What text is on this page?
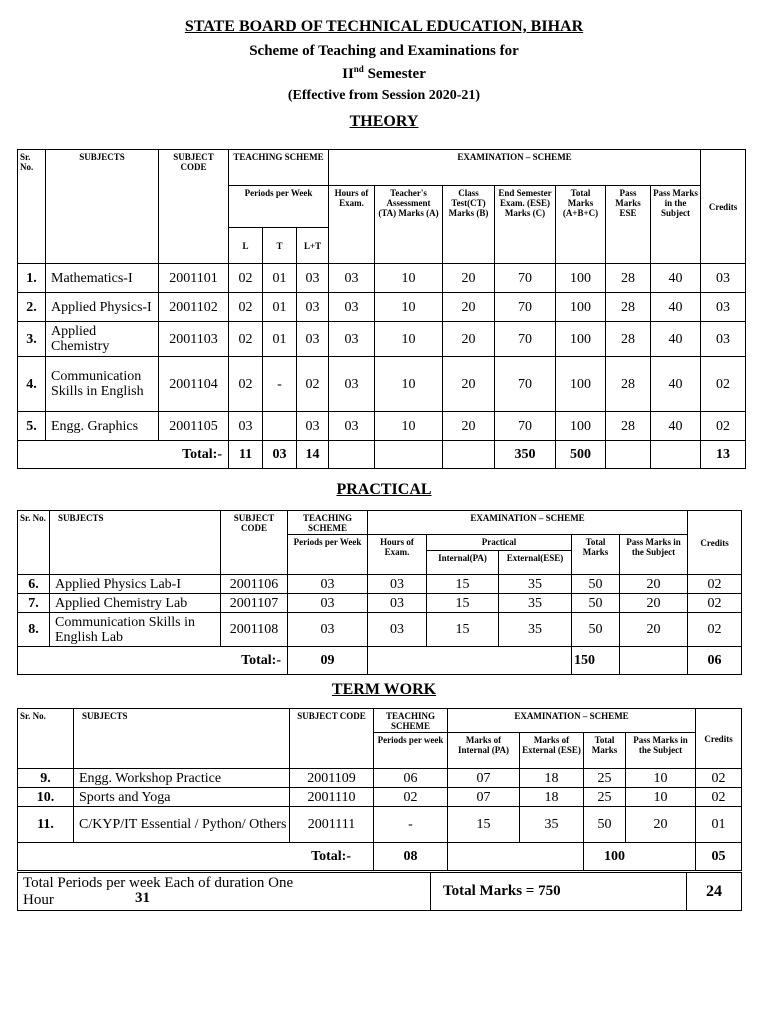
STATE BOARD OF TECHNICAL EDUCATION, BIHAR
Scheme of Teaching and Examinations for
IInd Semester
(Effective from Session 2020-21)
THEORY
Sr. No.	SUBJECTS	SUBJECT CODE	TEACHING SCHEME			EXAMINATION – SCHEME							Credits
			Periods per Week			Hours of Exam.	Teacher's Assessment (TA) Marks (A)	Class Test(CT) Marks (B)	End Semester Exam. (ESE) Marks (C)	Total Marks (A+B+C)	Pass Marks ESE	Pass Marks in the Subject	
			L	T	L+T								
1.	Mathematics-I	2001101	02	01	03	03	10	20	70	100	28	40	03
2.	Applied Physics-I	2001102	02	01	03	03	10	20	70	100	28	40	03
3.	Applied Chemistry	2001103	02	01	03	03	10	20	70	100	28	40	03
4.	Communication Skills in English	2001104	02	-	02	03	10	20	70	100	28	40	02
5.	Engg. Graphics	2001105	03		03	03	10	20	70	100	28	40	02
Total:-			11	03	14				350	500			13
PRACTICAL
Sr. No.	SUBJECTS	SUBJECT CODE	TEACHING SCHEME	EXAMINATION – SCHEME					Credits
			Periods per Week	Hours of Exam.	Practical		Total Marks	Pass Marks in the Subject	
					Internal(PA)	External(ESE)			
6.	Applied Physics Lab-I	2001106	03	03	15	35	50	20	02
7.	Applied Chemistry Lab	2001107	03	03	15	35	50	20	02
8.	Communication Skills in English Lab	2001108	03	03	15	35	50	20	02
Total:-			09				150		06
TERM WORK
Sr. No.	SUBJECTS	SUBJECT CODE	TEACHING SCHEME	EXAMINATION – SCHEME				Credits
			Periods per week	Marks of Internal (PA)	Marks of External (ESE)	Total Marks	Pass Marks in the Subject	
9.	Engg. Workshop Practice	2001109	06	07	18	25	10	02
10.	Sports and Yoga	2001110	02	07	18	25	10	02
11.	C/KYP/IT Essential / Python/ Others	2001111	-	15	35	50	20	01
Total:-			08			100		05
Total Periods per week Each of duration One Hour	31	Total Marks = 750	24
